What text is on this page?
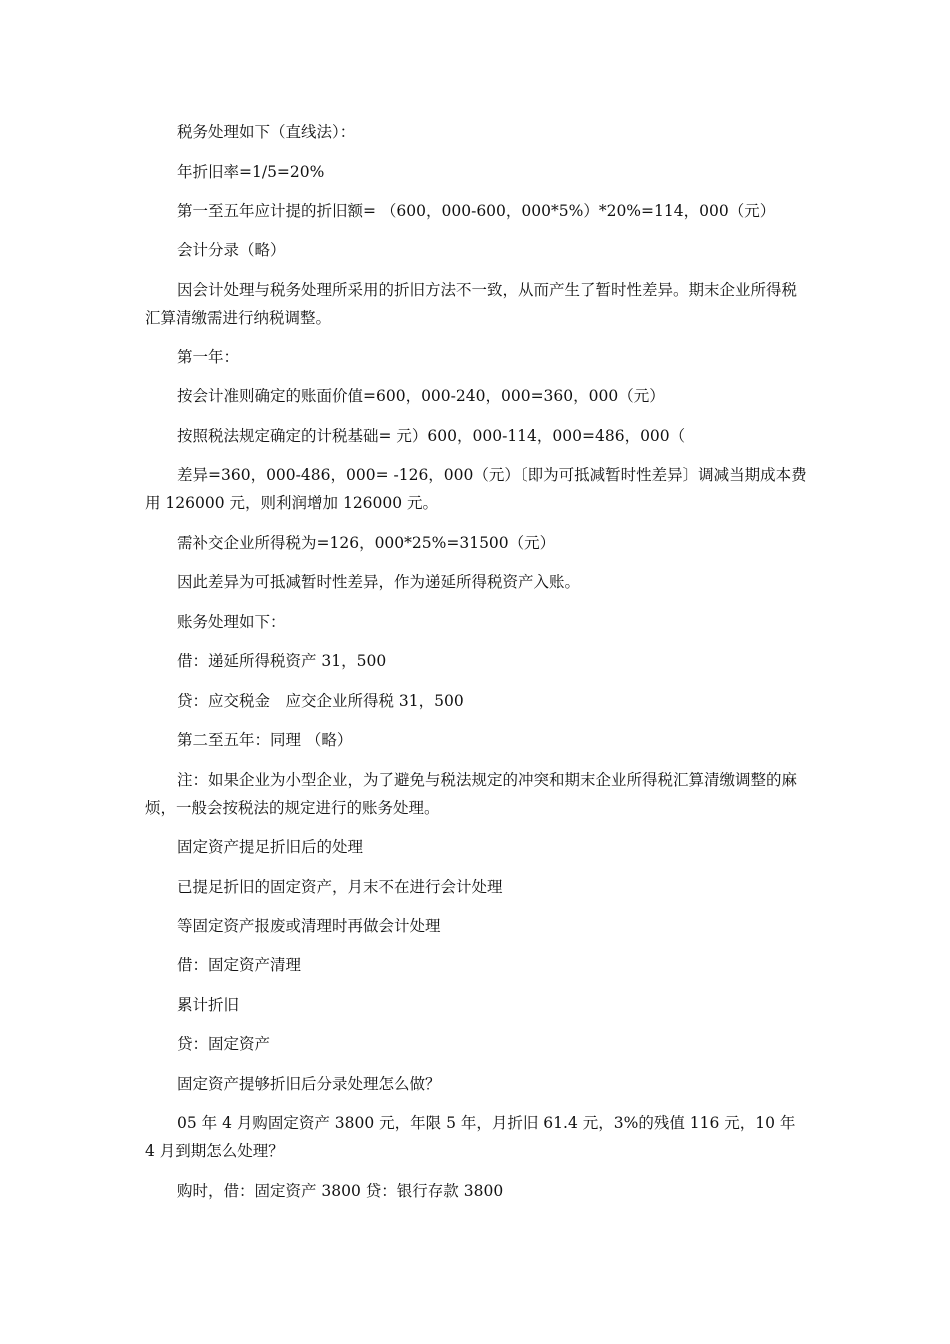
税务处理如下（直线法）：

年折旧率=1/5=20%

第一至五年应计提的折旧额= （600，000-600，000*5%）*20%=114，000（元）

会计分录（略）

因会计处理与税务处理所采用的折旧方法不一致，从而产生了暂时性差异。期末企业所得税汇算清缴需进行纳税调整。

第一年：

按会计准则确定的账面价值=600，000-240，000=360，000（元）

按照税法规定确定的计税基础= 元）600，000-114，000=486，000（

差异=360，000-486，000= -126，000（元）〔即为可抵减暂时性差异〕调减当期成本费用 126000 元，则利润增加 126000 元。

需补交企业所得税为=126，000*25%=31500（元）

因此差异为可抵减暂时性差异，作为递延所得税资产入账。

账务处理如下：

借：递延所得税资产 31，500

贷：应交税金　应交企业所得税 31，500

第二至五年：同理 （略）

注：如果企业为小型企业，为了避免与税法规定的冲突和期末企业所得税汇算清缴调整的麻烦，一般会按税法的规定进行的账务处理。

固定资产提足折旧后的处理

已提足折旧的固定资产，月末不在进行会计处理

等固定资产报废或清理时再做会计处理

借：固定资产清理

累计折旧

贷：固定资产

固定资产提够折旧后分录处理怎么做？

05 年 4 月购固定资产 3800 元，年限 5 年，月折旧 61.4 元，3%的残值 116 元，10 年 4 月到期怎么处理？

购时，借：固定资产 3800 贷：银行存款 3800
